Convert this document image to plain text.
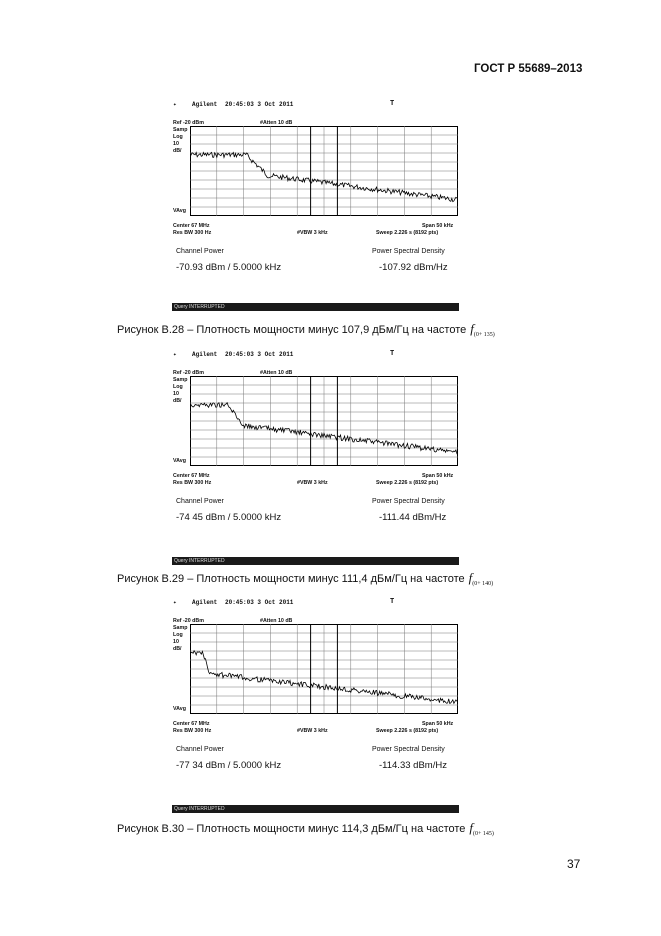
ГОСТ Р 55689–2013
✦	Agilent 20:45:03 3 Oct 2011	T
Ref -20 dBm	#Atten 10 dB
Samp
Log
10
dB/
VAvg
Center 67 MHz	Span 50 kHz
Res BW 300 Hz	#VBW 3 kHz	Sweep 2.226 s (8192 pts)
Channel Power	Power Spectral Density
-70.93 dBm / 5.0000 kHz	-107.92 dBm/Hz
Query INTERRUPTED
Рисунок В.28 – Плотность мощности минус 107,9 дБм/Гц на частоте $f_{(0+ 135)}$
✦	Agilent 20:45:03 3 Oct 2011	T
Ref -20 dBm	#Atten 10 dB
Samp
Log
10
dB/
VAvg
Center 67 MHz	Span 50 kHz
Res BW 300 Hz	#VBW 3 kHz	Sweep 2.226 s (8192 pts)
Channel Power	Power Spectral Density
-74 45 dBm / 5.0000 kHz	-111.44 dBm/Hz
Query INTERRUPTED
Рисунок В.29 – Плотность мощности минус 111,4 дБм/Гц на частоте $f_{(0+ 140)}$
✦	Agilent 20:45:03 3 Oct 2011	T
Ref -20 dBm	#Atten 10 dB
Samp
Log
10
dB/
VAvg
Center 67 MHz	Span 50 kHz
Res BW 300 Hz	#VBW 3 kHz	Sweep 2.226 s (8192 pts)
Channel Power	Power Spectral Density
-77 34 dBm / 5.0000 kHz	-114.33 dBm/Hz
Query INTERRUPTED
Рисунок В.30 – Плотность мощности минус 114,3 дБм/Гц на частоте $f_{(0+ 145)}$
37
